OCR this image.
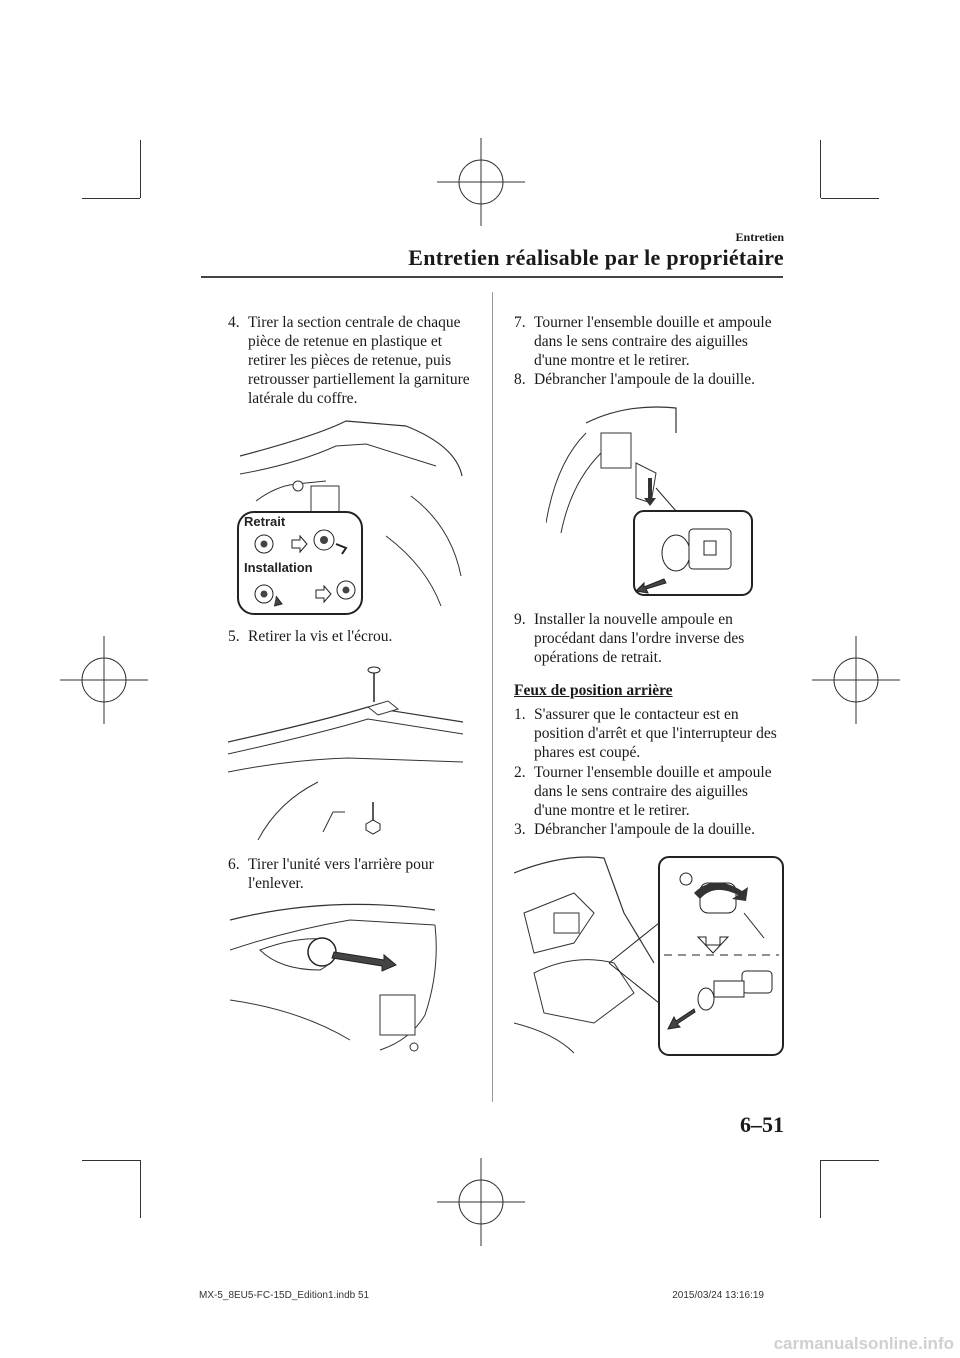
Entretien
Entretien réalisable par le propriétaire
4. Tirer la section centrale de chaque pièce de retenue en plastique et retirer les pièces de retenue, puis retrousser partiellement la garniture latérale du coffre.

Retrait
Installation
5. Retirer la vis et l'écrou.

6. Tirer l'unité vers l'arrière pour l'enlever.

7. Tourner l'ensemble douille et ampoule dans le sens contraire des aiguilles d'une montre et le retirer.

8. Débrancher l'ampoule de la douille.

9. Installer la nouvelle ampoule en procédant dans l'ordre inverse des opérations de retrait.

Feux de position arrière
1. S'assurer que le contacteur est en position d'arrêt et que l'interrupteur des phares est coupé.

2. Tourner l'ensemble douille et ampoule dans le sens contraire des aiguilles d'une montre et le retirer.

3. Débrancher l'ampoule de la douille.

6–51
MX-5_8EU5-FC-15D_Edition1.indb 51	2015/03/24 13:16:19
carmanualsonline.info
